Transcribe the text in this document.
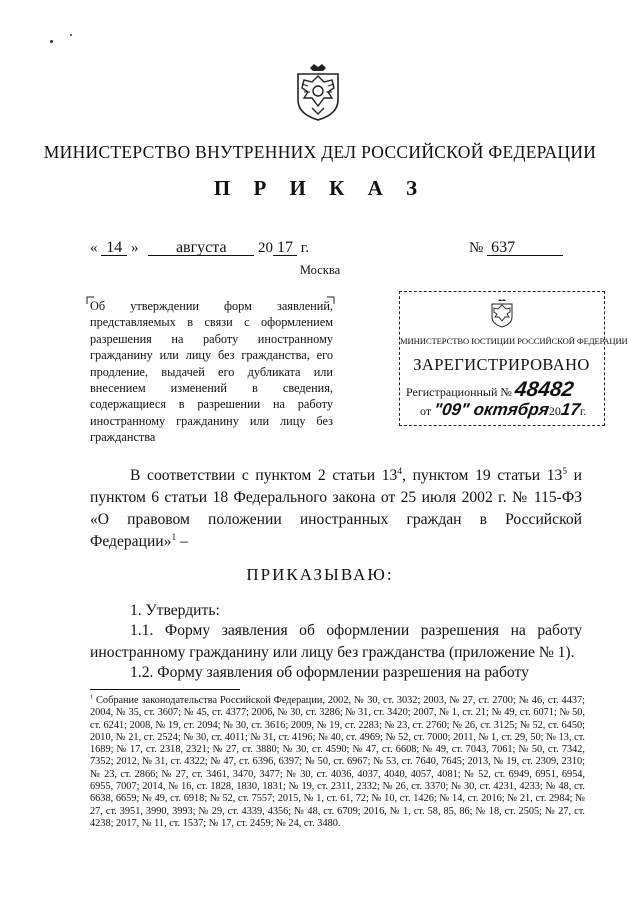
МИНИСТЕРСТВО ВНУТРЕННИХ ДЕЛ РОССИЙСКОЙ ФЕДЕРАЦИИ
П Р И К А З
« 14 » августа 20 17 г.	№ 637
Москва
Об утверждении форм заявлений, представляемых в связи с оформлением разрешения на работу иностранному гражданину или лицу без гражданства, его продление, выдачей его дубликата или внесением изменений в сведения, содержащиеся в разрешении на работу иностранному гражданину или лицу без гражданства
МИНИСТЕРСТВО ЮСТИЦИИ РОССИЙСКОЙ ФЕДЕРАЦИИ
ЗАРЕГИСТРИРОВАНО
Регистрационный № 48482
от "09" октября2017г.
В соответствии с пунктом 2 статьи $13^4$, пунктом 19 статьи $13^5$ и пунктом 6 статьи 18 Федерального закона от 25 июля 2002 г. № 115-ФЗ «О правовом положении иностранных граждан в Российской Федерации»$^1$ –
ПРИКАЗЫВАЮ:
1. Утвердить:
1.1. Форму заявления об оформлении разрешения на работу иностранному гражданину или лицу без гражданства (приложение № 1).
1.2. Форму заявления об оформлении разрешения на работу
$^1$ Собрание законодательства Российской Федерации, 2002, № 30, ст. 3032; 2003, № 27, ст. 2700; № 46, ст. 4437; 2004, № 35, ст. 3607; № 45, ст. 4377; 2006, № 30, ст. 3286; № 31, ст. 3420; 2007, № 1, ст. 21; № 49, ст. 6071; № 50, ст. 6241; 2008, № 19, ст. 2094; № 30, ст. 3616; 2009, № 19, ст. 2283; № 23, ст. 2760; № 26, ст. 3125; № 52, ст. 6450; 2010, № 21, ст. 2524; № 30, ст. 4011; № 31, ст. 4196; № 40, ст. 4969; № 52, ст. 7000; 2011, № 1, ст. 29, 50; № 13, ст. 1689; № 17, ст. 2318, 2321; № 27, ст. 3880; № 30, ст. 4590; № 47, ст. 6608; № 49, ст. 7043, 7061; № 50, ст. 7342, 7352; 2012, № 31, ст. 4322; № 47, ст. 6396, 6397; № 50, ст. 6967; № 53, ст. 7640, 7645; 2013, № 19, ст. 2309, 2310; № 23, ст. 2866; № 27, ст. 3461, 3470, 3477; № 30, ст. 4036, 4037, 4040, 4057, 4081; № 52, ст. 6949, 6951, 6954, 6955, 7007; 2014, № 16, ст. 1828, 1830, 1831; № 19, ст. 2311, 2332; № 26, ст. 3370; № 30, ст. 4231, 4233; № 48, ст. 6638, 6659; № 49, ст. 6918; № 52, ст. 7557; 2015, № 1, ст. 61, 72; № 10, ст. 1426; № 14, ст. 2016; № 21, ст. 2984; № 27, ст. 3951, 3990, 3993; № 29, ст. 4339, 4356; № 48, ст. 6709; 2016, № 1, ст. 58, 85, 86; № 18, ст. 2505; № 27, ст. 4238; 2017, № 11, ст. 1537; № 17, ст. 2459; № 24, ст. 3480.
